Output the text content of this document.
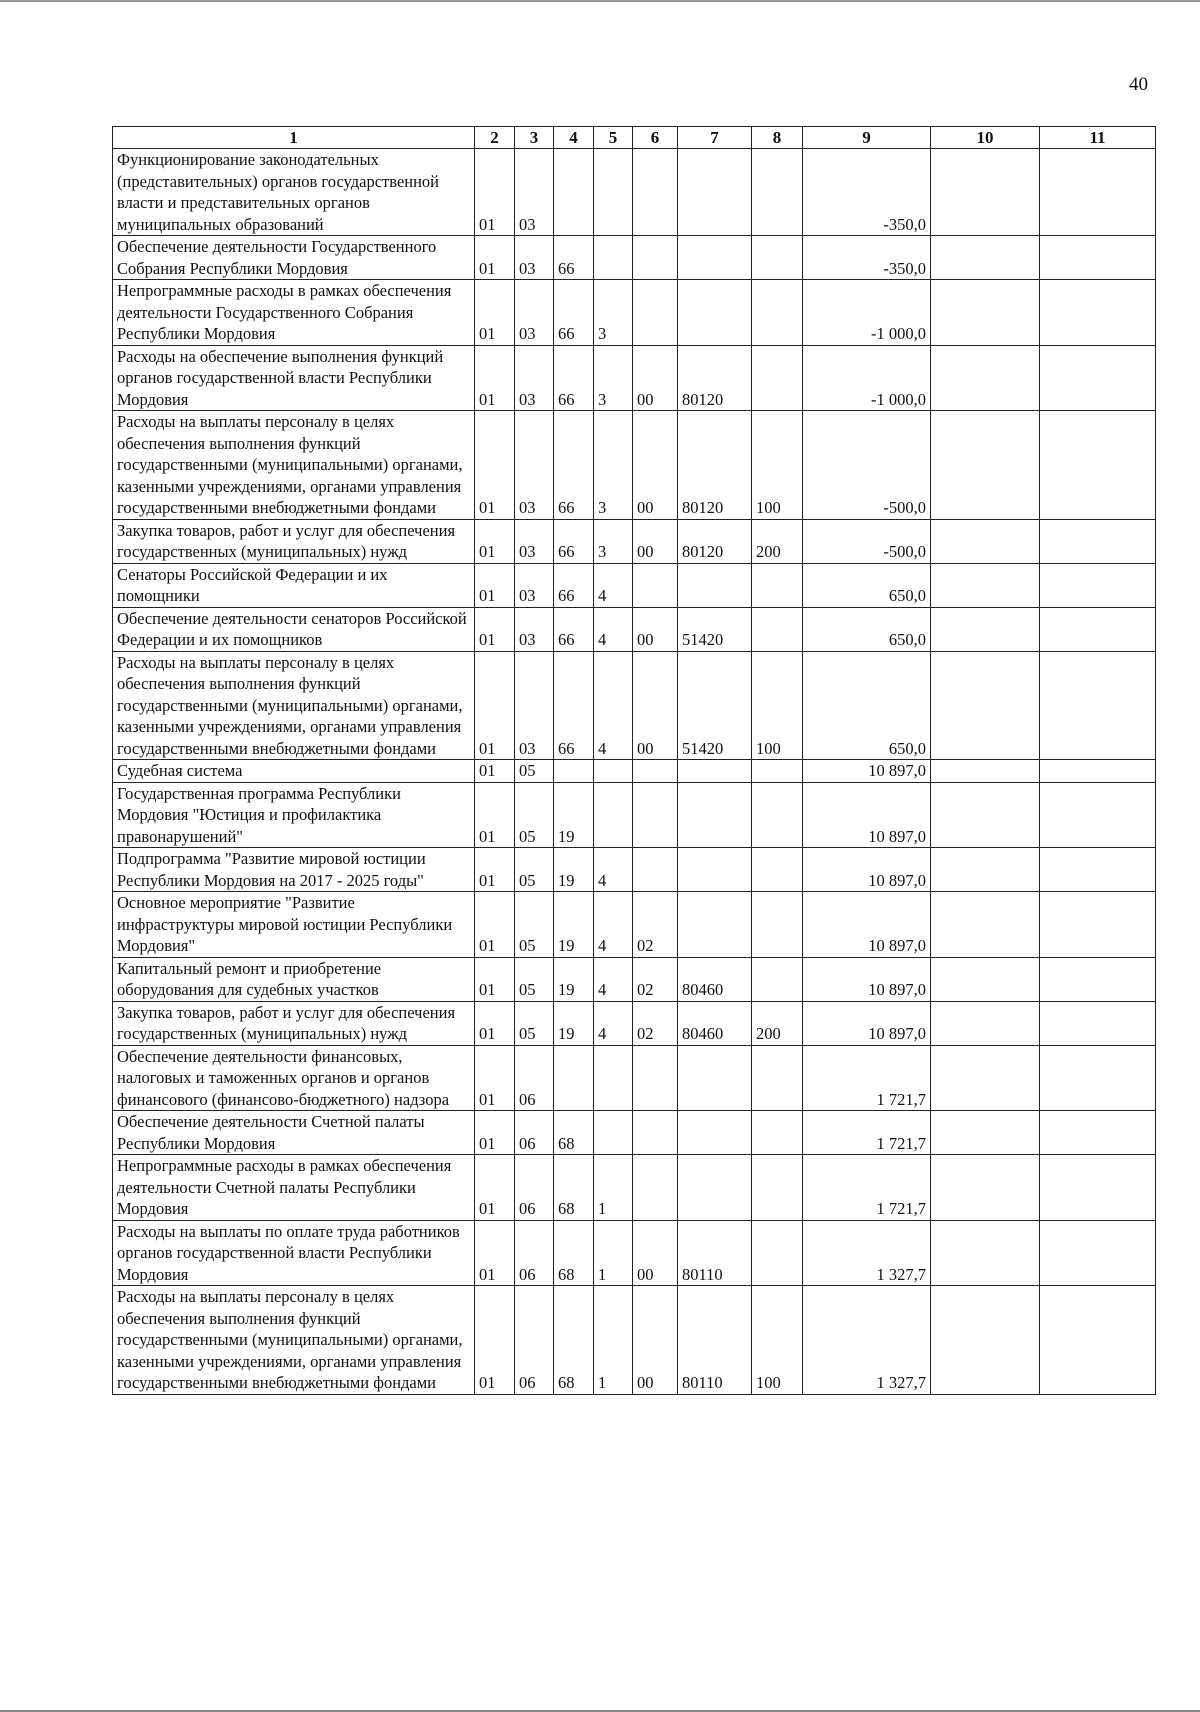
40
1	2	3	4	5	6	7	8	9	10	11
Функционирование законодательных (представительных) органов государственной власти и представительных органов муниципальных образований	01	03						-350,0		
Обеспечение деятельности Государственного Собрания Республики Мордовия	01	03	66					-350,0		
Непрограммные расходы в рамках обеспечения деятельности Государственного Собрания Республики Мордовия	01	03	66	3				-1 000,0		
Расходы на обеспечение выполнения функций органов государственной власти Республики Мордовия	01	03	66	3	00	80120		-1 000,0		
Расходы на выплаты персоналу в целях обеспечения выполнения функций государственными (муниципальными) органами, казенными учреждениями, органами управления государственными внебюджетными фондами	01	03	66	3	00	80120	100	-500,0		
Закупка товаров, работ и услуг для обеспечения государственных (муниципальных) нужд	01	03	66	3	00	80120	200	-500,0		
Сенаторы Российской Федерации и их помощники	01	03	66	4				650,0		
Обеспечение деятельности сенаторов Российской Федерации и их помощников	01	03	66	4	00	51420		650,0		
Расходы на выплаты персоналу в целях обеспечения выполнения функций государственными (муниципальными) органами, казенными учреждениями, органами управления государственными внебюджетными фондами	01	03	66	4	00	51420	100	650,0		
Судебная система	01	05						10 897,0		
Государственная программа Республики Мордовия "Юстиция и профилактика правонарушений"	01	05	19					10 897,0		
Подпрограмма "Развитие мировой юстиции Республики Мордовия на 2017 - 2025 годы"	01	05	19	4				10 897,0		
Основное мероприятие "Развитие инфраструктуры мировой юстиции Республики Мордовия"	01	05	19	4	02			10 897,0		
Капитальный ремонт и приобретение оборудования для судебных участков	01	05	19	4	02	80460		10 897,0		
Закупка товаров, работ и услуг для обеспечения государственных (муниципальных) нужд	01	05	19	4	02	80460	200	10 897,0		
Обеспечение деятельности финансовых, налоговых и таможенных органов и органов финансового (финансово-бюджетного) надзора	01	06						1 721,7		
Обеспечение деятельности Счетной палаты Республики Мордовия	01	06	68					1 721,7		
Непрограммные расходы в рамках обеспечения деятельности Счетной палаты Республики Мордовия	01	06	68	1				1 721,7		
Расходы на выплаты по оплате труда работников органов государственной власти Республики Мордовия	01	06	68	1	00	80110		1 327,7		
Расходы на выплаты персоналу в целях обеспечения выполнения функций государственными (муниципальными) органами, казенными учреждениями, органами управления государственными внебюджетными фондами	01	06	68	1	00	80110	100	1 327,7		
